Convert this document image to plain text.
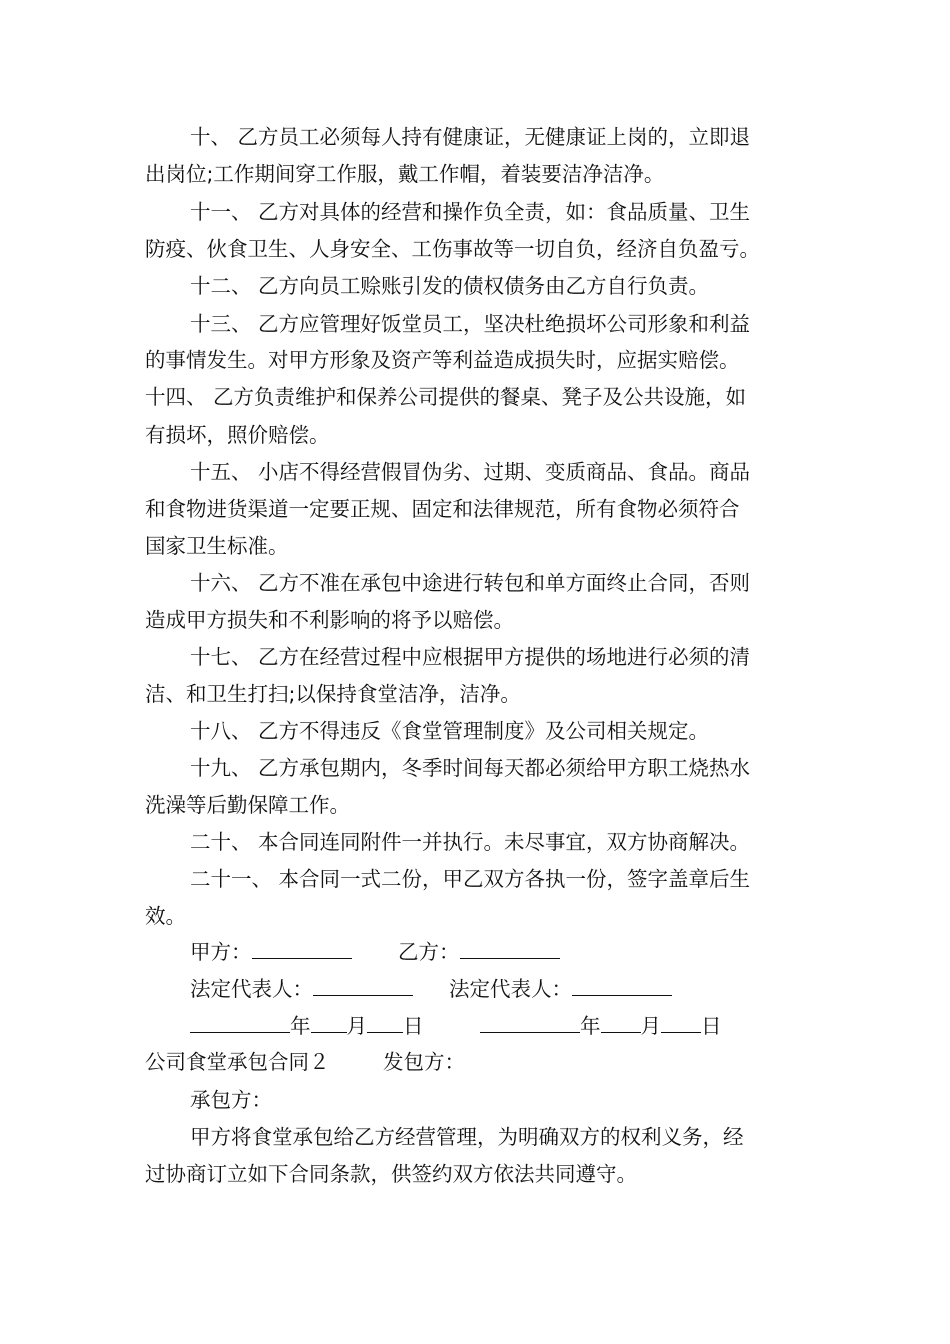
十、 乙方员工必须每人持有健康证，无健康证上岗的，立即退
出岗位;工作期间穿工作服，戴工作帽，着装要洁净洁净。
十一、 乙方对具体的经营和操作负全责，如：食品质量、卫生
防疫、伙食卫生、人身安全、工伤事故等一切自负，经济自负盈亏。
十二、 乙方向员工赊账引发的债权债务由乙方自行负责。
十三、 乙方应管理好饭堂员工，坚决杜绝损坏公司形象和利益
的事情发生。对甲方形象及资产等利益造成损失时，应据实赔偿。
十四、 乙方负责维护和保养公司提供的餐桌、凳子及公共设施，如
有损坏，照价赔偿。
十五、 小店不得经营假冒伪劣、过期、变质商品、食品。商品
和食物进货渠道一定要正规、固定和法律规范，所有食物必须符合
国家卫生标准。
十六、 乙方不准在承包中途进行转包和单方面终止合同，否则
造成甲方损失和不利影响的将予以赔偿。
十七、 乙方在经营过程中应根据甲方提供的场地进行必须的清
洁、和卫生打扫;以保持食堂洁净，洁净。
十八、 乙方不得违反《食堂管理制度》及公司相关规定。
十九、 乙方承包期内，冬季时间每天都必须给甲方职工烧热水
洗澡等后勤保障工作。
二十、 本合同连同附件一并执行。未尽事宜，双方协商解决。
二十一、 本合同一式二份，甲乙双方各执一份，签字盖章后生
效。
甲方：	乙方：
法定代表人：	法定代表人：
年 月 日	年 月 日
公司食堂承包合同２	发包方：
承包方：
甲方将食堂承包给乙方经营管理，为明确双方的权利义务，经
过协商订立如下合同条款，供签约双方依法共同遵守。
